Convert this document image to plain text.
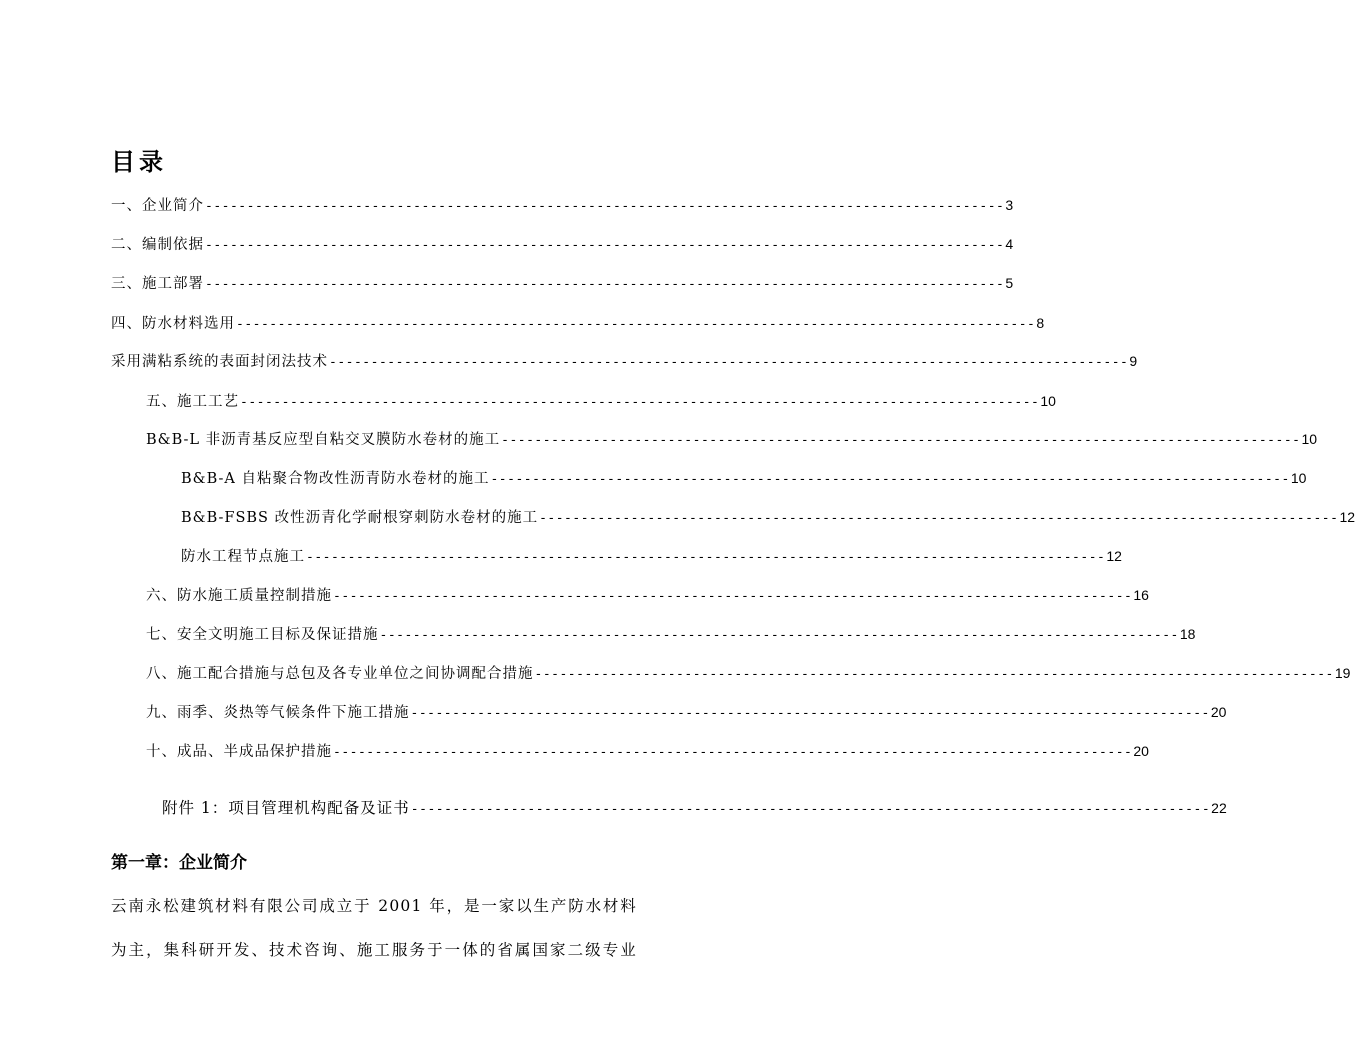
目录
一、企业简介 ------------------------------------------------------------------------------------------------ 3
二、编制依据 ------------------------------------------------------------------------------------------------ 4
三、施工部署 ------------------------------------------------------------------------------------------------ 5
四、防水材料选用 ------------------------------------------------------------------------------------------------ 8
采用满粘系统的表面封闭法技术 ------------------------------------------------------------------------------------------------ 9
五、施工工艺 ------------------------------------------------------------------------------------------------ 10
B&B-L 非沥青基反应型自粘交叉膜防水卷材的施工 ------------------------------------------------------------------------------------------------ 10
B&B-A 自粘聚合物改性沥青防水卷材的施工 ------------------------------------------------------------------------------------------------ 10
B&B-FSBS 改性沥青化学耐根穿刺防水卷材的施工 ------------------------------------------------------------------------------------------------ 12
防水工程节点施工 ------------------------------------------------------------------------------------------------ 12
六、防水施工质量控制措施 ------------------------------------------------------------------------------------------------ 16
七、安全文明施工目标及保证措施 ------------------------------------------------------------------------------------------------ 18
八、施工配合措施与总包及各专业单位之间协调配合措施 ------------------------------------------------------------------------------------------------ 19
九、雨季、炎热等气候条件下施工措施 ------------------------------------------------------------------------------------------------ 20
十、成品、半成品保护措施 ------------------------------------------------------------------------------------------------ 20
附件 1：项目管理机构配备及证书 ------------------------------------------------------------------------------------------------ 22
第一章：企业简介
云南永松建筑材料有限公司成立于 2001 年，是一家以生产防水材料
为主，集科研开发、技术咨询、施工服务于一体的省属国家二级专业
